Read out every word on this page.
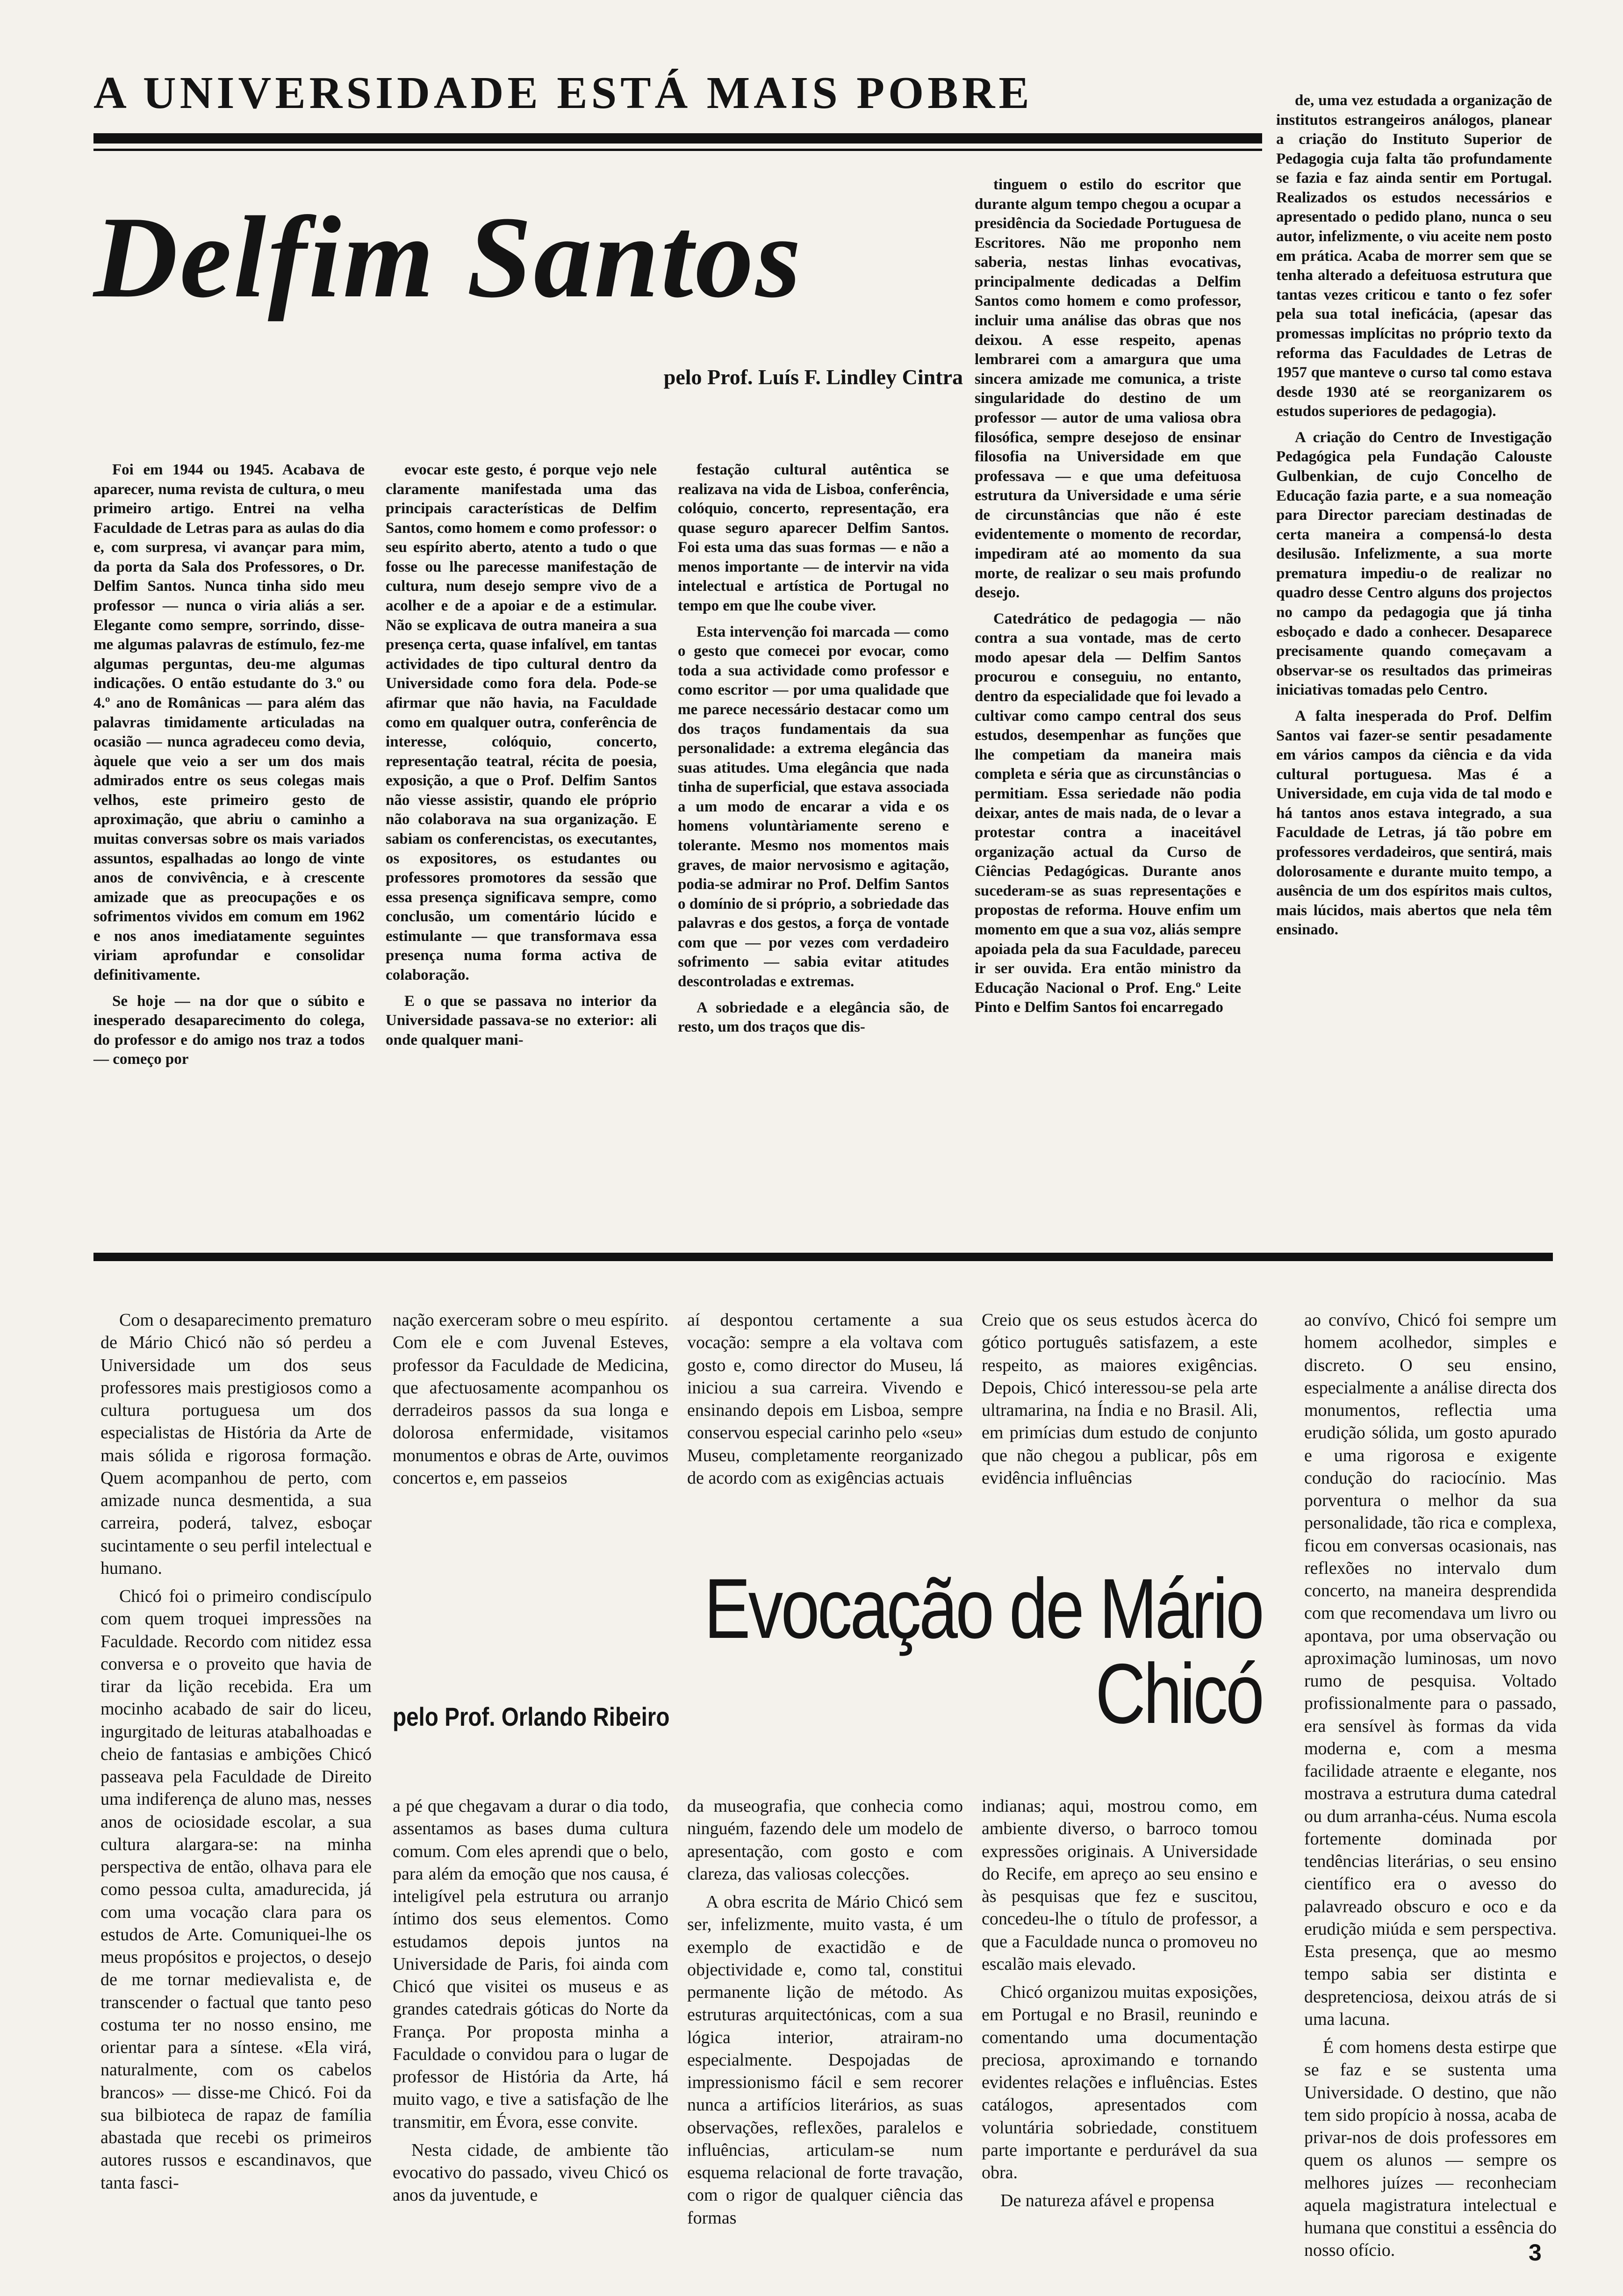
A UNIVERSIDADE ESTÁ MAIS POBRE
Delfim Santos
pelo Prof. Luís F. Lindley Cintra

Foi em 1944 ou 1945. Acabava de aparecer, numa revista de cultura, o meu primeiro artigo. Entrei na velha Faculdade de Letras para as aulas do dia e, com surpresa, vi avançar para mim, da porta da Sala dos Professores, o Dr. Delfim Santos. Nunca tinha sido meu professor — nunca o viria aliás a ser. Elegante como sempre, sorrindo, disse-me algumas palavras de estímulo, fez-me algumas perguntas, deu-me algumas indicações. O então estudante do 3.º ou 4.º ano de Românicas — para além das palavras timidamente articuladas na ocasião — nunca agradeceu como devia, àquele que veio a ser um dos mais admirados entre os seus colegas mais velhos, este primeiro gesto de aproximação, que abriu o caminho a muitas conversas sobre os mais variados assuntos, espalhadas ao longo de vinte anos de convivência, e à crescente amizade que as preocupações e os sofrimentos vividos em comum em 1962 e nos anos imediatamente seguintes viriam aprofundar e consolidar definitivamente.

Se hoje — na dor que o súbito e inesperado desaparecimento do colega, do professor e do amigo nos traz a todos — começo por

evocar este gesto, é porque vejo nele claramente manifestada uma das principais características de Delfim Santos, como homem e como professor: o seu espírito aberto, atento a tudo o que fosse ou lhe parecesse manifestação de cultura, num desejo sempre vivo de a acolher e de a apoiar e de a estimular. Não se explicava de outra maneira a sua presença certa, quase infalível, em tantas actividades de tipo cultural dentro da Universidade como fora dela. Pode-se afirmar que não havia, na Faculdade como em qualquer outra, conferência de interesse, colóquio, concerto, representação teatral, récita de poesia, exposição, a que o Prof. Delfim Santos não viesse assistir, quando ele próprio não colaborava na sua organização. E sabiam os conferencistas, os executantes, os expositores, os estudantes ou professores promotores da sessão que essa presença significava sempre, como conclusão, um comentário lúcido e estimulante — que transformava essa presença numa forma activa de colaboração.

E o que se passava no interior da Universidade passava-se no exterior: ali onde qualquer mani-

festação cultural autêntica se realizava na vida de Lisboa, conferência, colóquio, concerto, representação, era quase seguro aparecer Delfim Santos. Foi esta uma das suas formas — e não a menos importante — de intervir na vida intelectual e artística de Portugal no tempo em que lhe coube viver.

Esta intervenção foi marcada — como o gesto que comecei por evocar, como toda a sua actividade como professor e como escritor — por uma qualidade que me parece necessário destacar como um dos traços fundamentais da sua personalidade: a extrema elegância das suas atitudes. Uma elegância que nada tinha de superficial, que estava associada a um modo de encarar a vida e os homens voluntàriamente sereno e tolerante. Mesmo nos momentos mais graves, de maior nervosismo e agitação, podia-se admirar no Prof. Delfim Santos o domínio de si próprio, a sobriedade das palavras e dos gestos, a força de vontade com que — por vezes com verdadeiro sofrimento — sabia evitar atitudes descontroladas e extremas.

A sobriedade e a elegância são, de resto, um dos traços que dis-

tinguem o estilo do escritor que durante algum tempo chegou a ocupar a presidência da Sociedade Portuguesa de Escritores. Não me proponho nem saberia, nestas linhas evocativas, principalmente dedicadas a Delfim Santos como homem e como professor, incluir uma análise das obras que nos deixou. A esse respeito, apenas lembrarei com a amargura que uma sincera amizade me comunica, a triste singularidade do destino de um professor — autor de uma valiosa obra filosófica, sempre desejoso de ensinar filosofia na Universidade em que professava — e que uma defeituosa estrutura da Universidade e uma série de circunstâncias que não é este evidentemente o momento de recordar, impediram até ao momento da sua morte, de realizar o seu mais profundo desejo.

Catedrático de pedagogia — não contra a sua vontade, mas de certo modo apesar dela — Delfim Santos procurou e conseguiu, no entanto, dentro da especialidade que foi levado a cultivar como campo central dos seus estudos, desempenhar as funções que lhe competiam da maneira mais completa e séria que as circunstâncias o permitiam. Essa seriedade não podia deixar, antes de mais nada, de o levar a protestar contra a inaceitável organização actual da Curso de Ciências Pedagógicas. Durante anos sucederam-se as suas representações e propostas de reforma. Houve enfim um momento em que a sua voz, aliás sempre apoiada pela da sua Faculdade, pareceu ir ser ouvida. Era então ministro da Educação Nacional o Prof. Eng.º Leite Pinto e Delfim Santos foi encarregado

de, uma vez estudada a organização de institutos estrangeiros análogos, planear a criação do Instituto Superior de Pedagogia cuja falta tão profundamente se fazia e faz ainda sentir em Portugal. Realizados os estudos necessários e apresentado o pedido plano, nunca o seu autor, infelizmente, o viu aceite nem posto em prática. Acaba de morrer sem que se tenha alterado a defeituosa estrutura que tantas vezes criticou e tanto o fez sofer pela sua total ineficácia, (apesar das promessas implícitas no próprio texto da reforma das Faculdades de Letras de 1957 que manteve o curso tal como estava desde 1930 até se reorganizarem os estudos superiores de pedagogia).

A criação do Centro de Investigação Pedagógica pela Fundação Calouste Gulbenkian, de cujo Concelho de Educação fazia parte, e a sua nomeação para Director pareciam destinadas de certa maneira a compensá-lo desta desilusão. Infelizmente, a sua morte prematura impediu-o de realizar no quadro desse Centro alguns dos projectos no campo da pedagogia que já tinha esboçado e dado a conhecer. Desaparece precisamente quando começavam a observar-se os resultados das primeiras iniciativas tomadas pelo Centro.

A falta inesperada do Prof. Delfim Santos vai fazer-se sentir pesadamente em vários campos da ciência e da vida cultural portuguesa. Mas é a Universidade, em cuja vida de tal modo e há tantos anos estava integrado, a sua Faculdade de Letras, já tão pobre em professores verdadeiros, que sentirá, mais dolorosamente e durante muito tempo, a ausência de um dos espíritos mais cultos, mais lúcidos, mais abertos que nela têm ensinado.

Com o desaparecimento prematuro de Mário Chicó não só perdeu a Universidade um dos seus professores mais prestigiosos como a cultura portuguesa um dos especialistas de História da Arte de mais sólida e rigorosa formação. Quem acompanhou de perto, com amizade nunca desmentida, a sua carreira, poderá, talvez, esboçar sucintamente o seu perfil intelectual e humano.

Chicó foi o primeiro condiscípulo com quem troquei impressões na Faculdade. Recordo com nitidez essa conversa e o proveito que havia de tirar da lição recebida. Era um mocinho acabado de sair do liceu, ingurgitado de leituras atabalhoadas e cheio de fantasias e ambições Chicó passeava pela Faculdade de Direito uma indiferença de aluno mas, nesses anos de ociosidade escolar, a sua cultura alargara-se: na minha perspectiva de então, olhava para ele como pessoa culta, amadurecida, já com uma vocação clara para os estudos de Arte. Comuniquei-lhe os meus propósitos e projectos, o desejo de me tornar medievalista e, de transcender o factual que tanto peso costuma ter no nosso ensino, me orientar para a síntese. «Ela virá, naturalmente, com os cabelos brancos» — disse-me Chicó. Foi da sua bilbioteca de rapaz de família abastada que recebi os primeiros autores russos e escandinavos, que tanta fasci-

nação exerceram sobre o meu espírito. Com ele e com Juvenal Esteves, professor da Faculdade de Medicina, que afectuosamente acompanhou os derradeiros passos da sua longa e dolorosa enfermidade, visitamos monumentos e obras de Arte, ouvimos concertos e, em passeios

aí despontou certamente a sua vocação: sempre a ela voltava com gosto e, como director do Museu, lá iniciou a sua carreira. Vivendo e ensinando depois em Lisboa, sempre conservou especial carinho pelo «seu» Museu, completamente reorganizado de acordo com as exigências actuais

Creio que os seus estudos àcerca do gótico português satisfazem, a este respeito, as maiores exigências. Depois, Chicó interessou-se pela arte ultramarina, na Índia e no Brasil. Ali, em primícias dum estudo de conjunto que não chegou a publicar, pôs em evidência influências

Evocação de Mário Chicó
pelo Prof. Orlando Ribeiro

a pé que chegavam a durar o dia todo, assentamos as bases duma cultura comum. Com eles aprendi que o belo, para além da emoção que nos causa, é inteligível pela estrutura ou arranjo íntimo dos seus elementos. Como estudamos depois juntos na Universidade de Paris, foi ainda com Chicó que visitei os museus e as grandes catedrais góticas do Norte da França. Por proposta minha a Faculdade o convidou para o lugar de professor de História da Arte, há muito vago, e tive a satisfação de lhe transmitir, em Évora, esse convite.

Nesta cidade, de ambiente tão evocativo do passado, viveu Chicó os anos da juventude, e

da museografia, que conhecia como ninguém, fazendo dele um modelo de apresentação, com gosto e com clareza, das valiosas colecções.

A obra escrita de Mário Chicó sem ser, infelizmente, muito vasta, é um exemplo de exactidão e de objectividade e, como tal, constitui permanente lição de método. As estruturas arquitectónicas, com a sua lógica interior, atrairam-no especialmente. Despojadas de impressionismo fácil e sem recorer nunca a artifícios literários, as suas observações, reflexões, paralelos e influências, articulam-se num esquema relacional de forte travação, com o rigor de qualquer ciência das formas

indianas; aqui, mostrou como, em ambiente diverso, o barroco tomou expressões originais. A Universidade do Recife, em apreço ao seu ensino e às pesquisas que fez e suscitou, concedeu-lhe o título de professor, a que a Faculdade nunca o promoveu no escalão mais elevado.

Chicó organizou muitas exposições, em Portugal e no Brasil, reunindo e comentando uma documentação preciosa, aproximando e tornando evidentes relações e influências. Estes catálogos, apresentados com voluntária sobriedade, constituem parte importante e perdurável da sua obra.

De natureza afável e propensa

ao convívo, Chicó foi sempre um homem acolhedor, simples e discreto. O seu ensino, especialmente a análise directa dos monumentos, reflectia uma erudição sólida, um gosto apurado e uma rigorosa e exigente condução do raciocínio. Mas porventura o melhor da sua personalidade, tão rica e complexa, ficou em conversas ocasionais, nas reflexões no intervalo dum concerto, na maneira desprendida com que recomendava um livro ou apontava, por uma observação ou aproximação luminosas, um novo rumo de pesquisa. Voltado profissionalmente para o passado, era sensível às formas da vida moderna e, com a mesma facilidade atraente e elegante, nos mostrava a estrutura duma catedral ou dum arranha-céus. Numa escola fortemente dominada por tendências literárias, o seu ensino científico era o avesso do palavreado obscuro e oco e da erudição miúda e sem perspectiva. Esta presença, que ao mesmo tempo sabia ser distinta e despretenciosa, deixou atrás de si uma lacuna.

É com homens desta estirpe que se faz e se sustenta uma Universidade. O destino, que não tem sido propício à nossa, acaba de privar-nos de dois professores em quem os alunos — sempre os melhores juízes — reconheciam aquela magistratura intelectual e humana que constitui a essência do nosso ofício.	3
